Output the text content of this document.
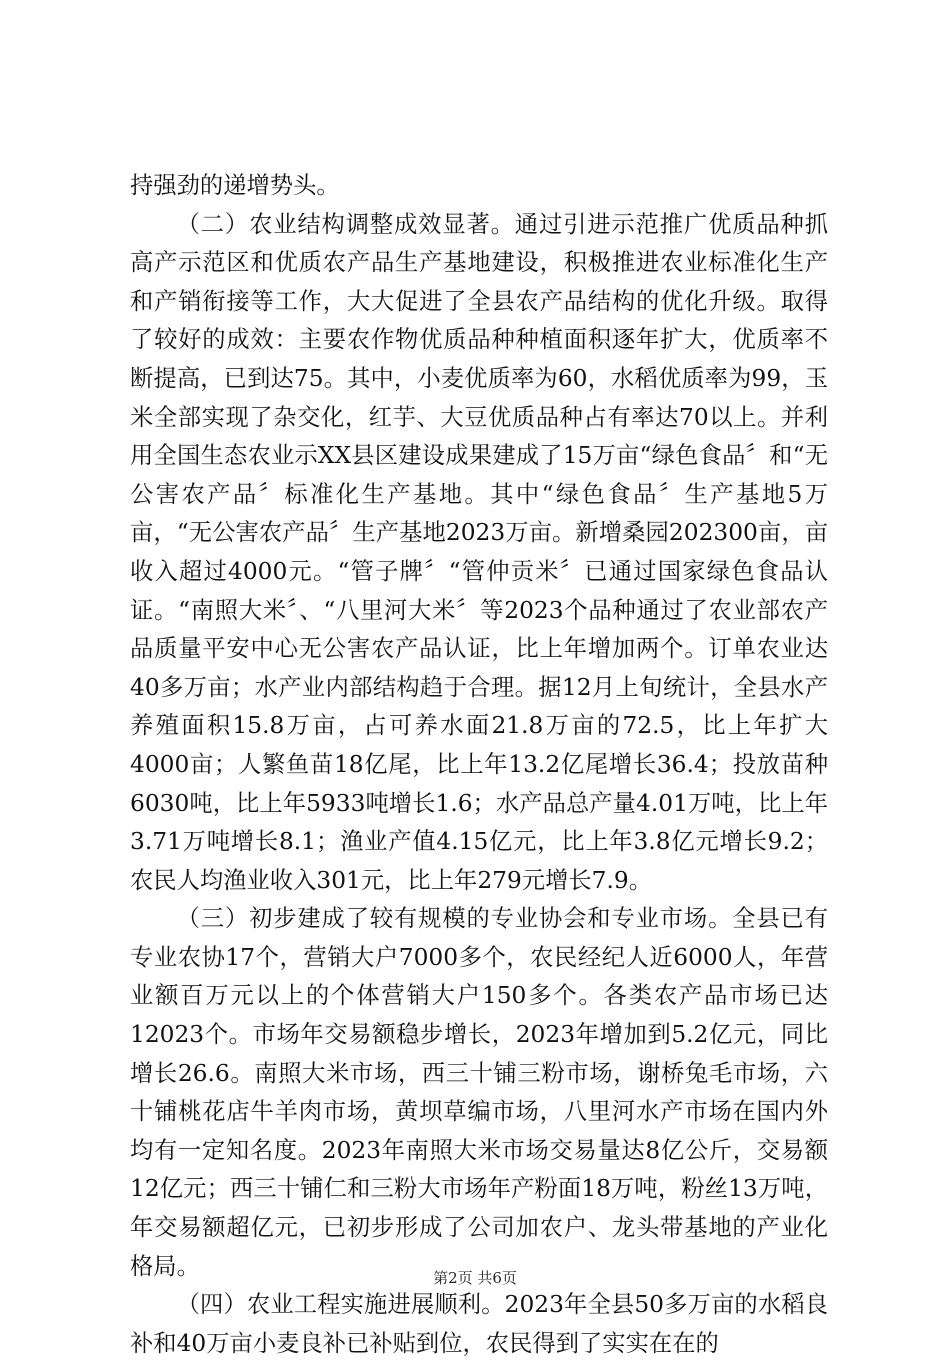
持强劲的递增势头。

（二）农业结构调整成效显著。通过引进示范推广优质品种抓高产示范区和优质农产品生产基地建设，积极推进农业标准化生产和产销衔接等工作，大大促进了全县农产品结构的优化升级。取得了较好的成效：主要农作物优质品种种植面积逐年扩大，优质率不断提高，已到达75。其中，小麦优质率为60，水稻优质率为99，玉米全部实现了杂交化，红芋、大豆优质品种占有率达70以上。并利用全国生态农业示XX县区建设成果建成了15万亩“绿色食品〞和“无公害农产品〞标准化生产基地。其中“绿色食品〞生产基地5万亩，“无公害农产品〞生产基地2023万亩。新增桑园202300亩，亩收入超过4000元。“管子牌〞“管仲贡米〞已通过国家绿色食品认证。“南照大米〞、“八里河大米〞等2023个品种通过了农业部农产品质量平安中心无公害农产品认证，比上年增加两个。订单农业达40多万亩；水产业内部结构趋于合理。据12月上旬统计，全县水产养殖面积15.8万亩，占可养水面21.8万亩的72.5，比上年扩大4000亩；人繁鱼苗18亿尾，比上年13.2亿尾增长36.4；投放苗种6030吨，比上年5933吨增长1.6；水产品总产量4.01万吨，比上年3.71万吨增长8.1；渔业产值4.15亿元，比上年3.8亿元增长9.2；农民人均渔业收入301元，比上年279元增长7.9。

（三）初步建成了较有规模的专业协会和专业市场。全县已有专业农协17个，营销大户7000多个，农民经纪人近6000人，年营业额百万元以上的个体营销大户150多个。各类农产品市场已达12023个。市场年交易额稳步增长，2023年增加到5.2亿元，同比增长26.6。南照大米市场，西三十铺三粉市场，谢桥兔毛市场，六十铺桃花店牛羊肉市场，黄坝草编市场，八里河水产市场在国内外均有一定知名度。2023年南照大米市场交易量达8亿公斤，交易额12亿元；西三十铺仁和三粉大市场年产粉面18万吨，粉丝13万吨，年交易额超亿元，已初步形成了公司加农户、龙头带基地的产业化格局。

（四）农业工程实施进展顺利。2023年全县50多万亩的水稻良补和40万亩小麦良补已补贴到位，农民得到了实实在在的

第2页 共6页
